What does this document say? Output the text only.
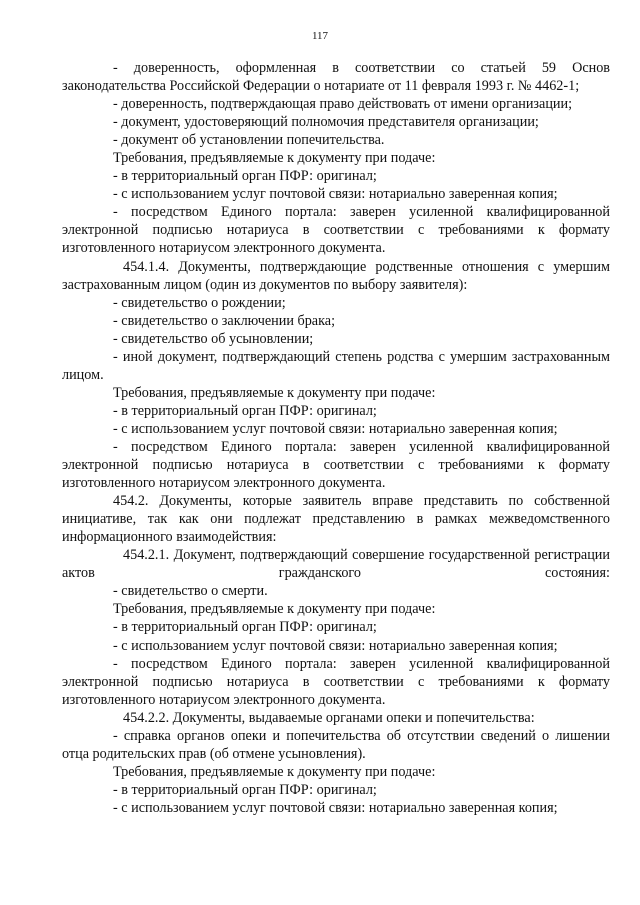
117

- доверенность, оформленная в соответствии со статьей 59 Основ законодательства Российской Федерации о нотариате от 11 февраля 1993 г. № 4462-1;

- доверенность, подтверждающая право действовать от имени организации;

- документ, удостоверяющий полномочия представителя организации;

- документ об установлении попечительства.

Требования, предъявляемые к документу при подаче:

- в территориальный орган ПФР: оригинал;

- с использованием услуг почтовой связи: нотариально заверенная копия;

- посредством Единого портала: заверен усиленной квалифицированной электронной подписью нотариуса в соответствии с требованиями к формату изготовленного нотариусом электронного документа.

454.1.4. Документы, подтверждающие родственные отношения с умершим застрахованным лицом (один из документов по выбору заявителя):

- свидетельство о рождении;

- свидетельство о заключении брака;

- свидетельство об усыновлении;

- иной документ, подтверждающий степень родства с умершим застрахованным лицом.

Требования, предъявляемые к документу при подаче:

- в территориальный орган ПФР: оригинал;

- с использованием услуг почтовой связи: нотариально заверенная копия;

- посредством Единого портала: заверен усиленной квалифицированной электронной подписью нотариуса в соответствии с требованиями к формату изготовленного нотариусом электронного документа.

454.2. Документы, которые заявитель вправе представить по собственной инициативе, так как они подлежат представлению в рамках межведомственного информационного взаимодействия:

454.2.1. Документ, подтверждающий совершение государственной регистрации актов гражданского состояния:

- свидетельство о смерти.

Требования, предъявляемые к документу при подаче:

- в территориальный орган ПФР: оригинал;

- с использованием услуг почтовой связи: нотариально заверенная копия;

- посредством Единого портала: заверен усиленной квалифицированной электронной подписью нотариуса в соответствии с требованиями к формату изготовленного нотариусом электронного документа.

454.2.2. Документы, выдаваемые органами опеки и попечительства:

- справка органов опеки и попечительства об отсутствии сведений о лишении отца родительских прав (об отмене усыновления).

Требования, предъявляемые к документу при подаче:

- в территориальный орган ПФР: оригинал;

- с использованием услуг почтовой связи: нотариально заверенная копия;
